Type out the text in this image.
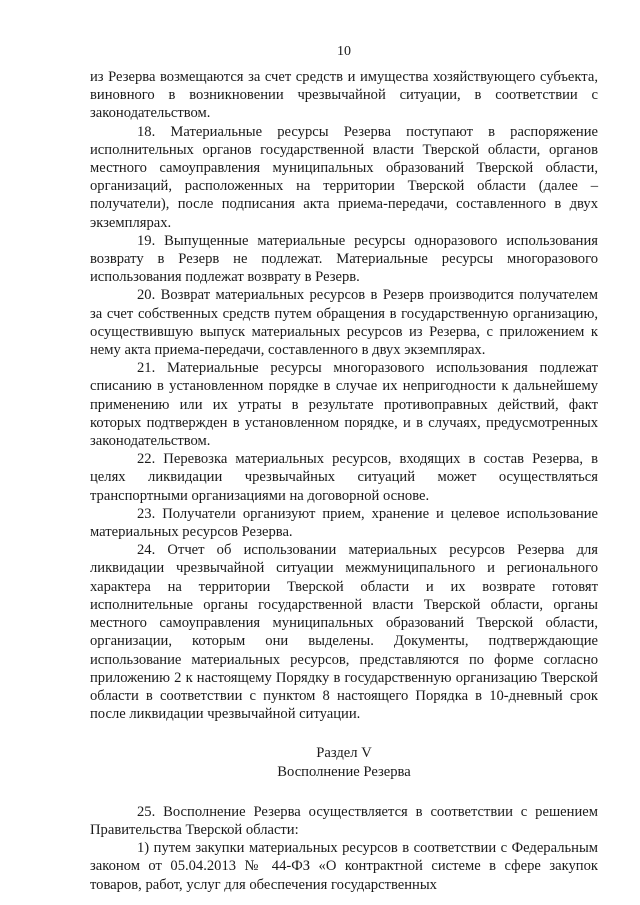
10

из Резерва возмещаются за счет средств и имущества хозяйствующего субъекта, виновного в возникновении чрезвычайной ситуации, в соответствии с законодательством.

18. Материальные ресурсы Резерва поступают в распоряжение исполнительных органов государственной власти Тверской области, органов местного самоуправления муниципальных образований Тверской области, организаций, расположенных на территории Тверской области (далее – получатели), после подписания акта приема-передачи, составленного в двух экземплярах.

19. Выпущенные материальные ресурсы одноразового использования возврату в Резерв не подлежат. Материальные ресурсы многоразового использования подлежат возврату в Резерв.

20. Возврат материальных ресурсов в Резерв производится получателем за счет собственных средств путем обращения в государственную организацию, осуществившую выпуск материальных ресурсов из Резерва, с приложением к нему акта приема-передачи, составленного в двух экземплярах.

21. Материальные ресурсы многоразового использования подлежат списанию в установленном порядке в случае их непригодности к дальнейшему применению или их утраты в результате противоправных действий, факт которых подтвержден в установленном порядке, и в случаях, предусмотренных законодательством.

22. Перевозка материальных ресурсов, входящих в состав Резерва, в целях ликвидации чрезвычайных ситуаций может осуществляться транспортными организациями на договорной основе.

23. Получатели организуют прием, хранение и целевое использование материальных ресурсов Резерва.

24. Отчет об использовании материальных ресурсов Резерва для ликвидации чрезвычайной ситуации межмуниципального и регионального характера на территории Тверской области и их возврате готовят исполнительные органы государственной власти Тверской области, органы местного самоуправления муниципальных образований Тверской области, организации, которым они выделены. Документы, подтверждающие использование материальных ресурсов, представляются по форме согласно приложению 2 к настоящему Порядку в государственную организацию Тверской области в соответствии с пунктом 8 настоящего Порядка в 10-дневный срок после ликвидации чрезвычайной ситуации.

Раздел V

Восполнение Резерва

25. Восполнение Резерва осуществляется в соответствии с решением Правительства Тверской области:

1) путем закупки материальных ресурсов в соответствии с Федеральным законом от 05.04.2013 № 44-ФЗ «О контрактной системе в сфере закупок товаров, работ, услуг для обеспечения государственных
